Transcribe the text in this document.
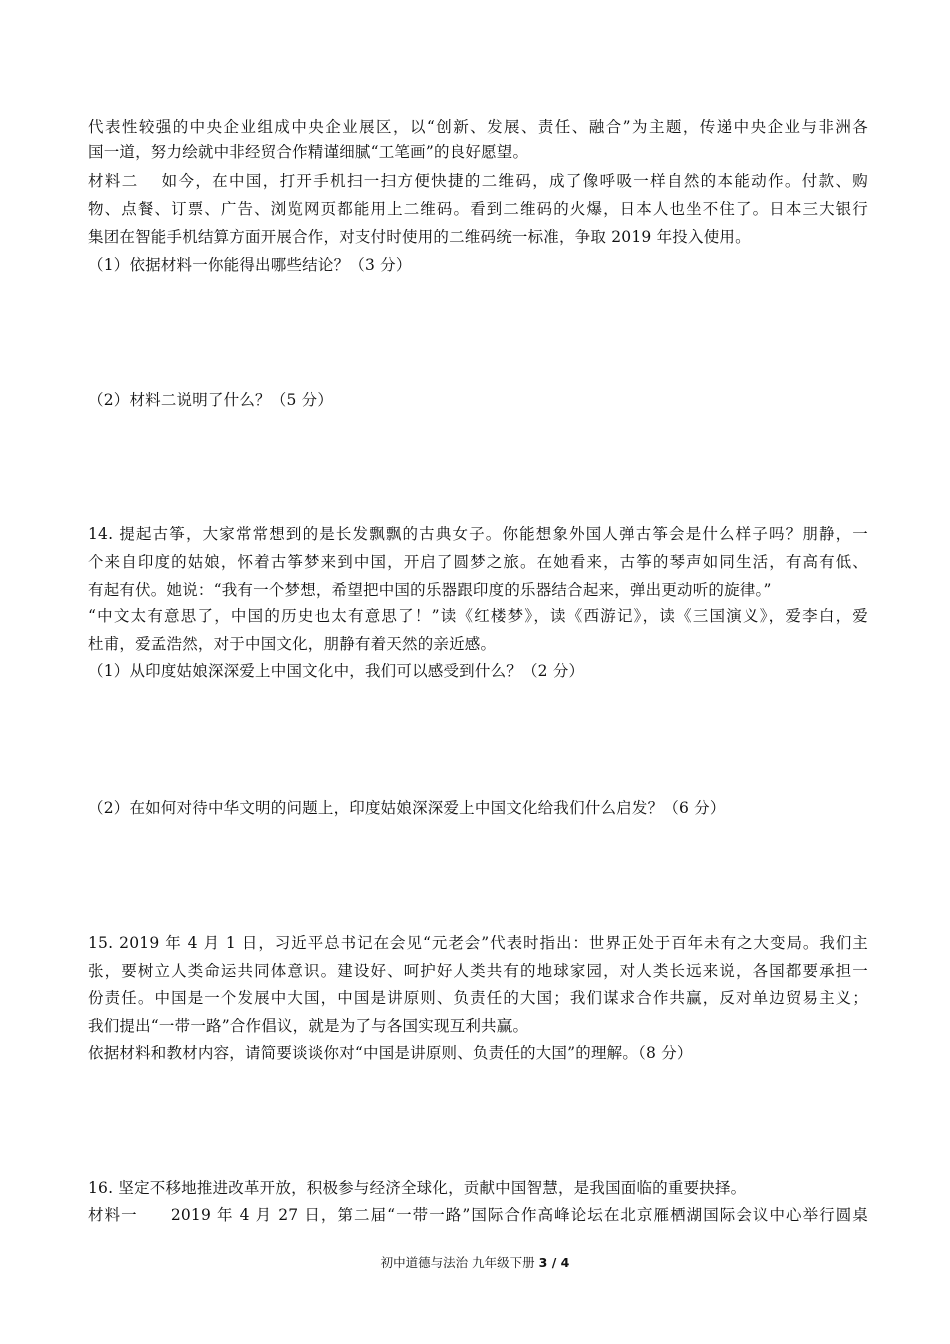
代表性较强的中央企业组成中央企业展区，以“创新、发展、责任、融合”为主题，传递中央企业与非洲各
国一道，努力绘就中非经贸合作精谨细腻“工笔画”的良好愿望。
材料二　 如今，在中国，打开手机扫一扫方便快捷的二维码，成了像呼吸一样自然的本能动作。付款、购
物、点餐、订票、广告、浏览网页都能用上二维码。看到二维码的火爆，日本人也坐不住了。日本三大银行
集团在智能手机结算方面开展合作，对支付时使用的二维码统一标准，争取 2019 年投入使用。
（1）依据材料一你能得出哪些结论？（3 分）
（2）材料二说明了什么？（5 分）
14. 提起古筝，大家常常想到的是长发飘飘的古典女子。你能想象外国人弹古筝会是什么样子吗？朋静，一
个来自印度的姑娘，怀着古筝梦来到中国，开启了圆梦之旅。在她看来，古筝的琴声如同生活，有高有低、
有起有伏。她说：“我有一个梦想，希望把中国的乐器跟印度的乐器结合起来，弹出更动听的旋律。”
“中文太有意思了，中国的历史也太有意思了！”读《红楼梦》，读《西游记》，读《三国演义》，爱李白，爱
杜甫，爱孟浩然，对于中国文化，朋静有着天然的亲近感。
（1）从印度姑娘深深爱上中国文化中，我们可以感受到什么？（2 分）
（2）在如何对待中华文明的问题上，印度姑娘深深爱上中国文化给我们什么启发？（6 分）
15. 2019 年 4 月 1 日，习近平总书记在会见“元老会”代表时指出：世界正处于百年未有之大变局。我们主
张，要树立人类命运共同体意识。建设好、呵护好人类共有的地球家园，对人类长远来说，各国都要承担一
份责任。中国是一个发展中大国，中国是讲原则、负责任的大国；我们谋求合作共赢，反对单边贸易主义；
我们提出“一带一路”合作倡议，就是为了与各国实现互利共赢。
依据材料和教材内容，请简要谈谈你对“中国是讲原则、负责任的大国”的理解。（8 分）
16. 坚定不移地推进改革开放，积极参与经济全球化，贡献中国智慧，是我国面临的重要抉择。
材料一　　2019 年 4 月 27 日，第二届“一带一路”国际合作高峰论坛在北京雁栖湖国际会议中心举行圆桌
初中道德与法治 九年级下册 3 / 4
